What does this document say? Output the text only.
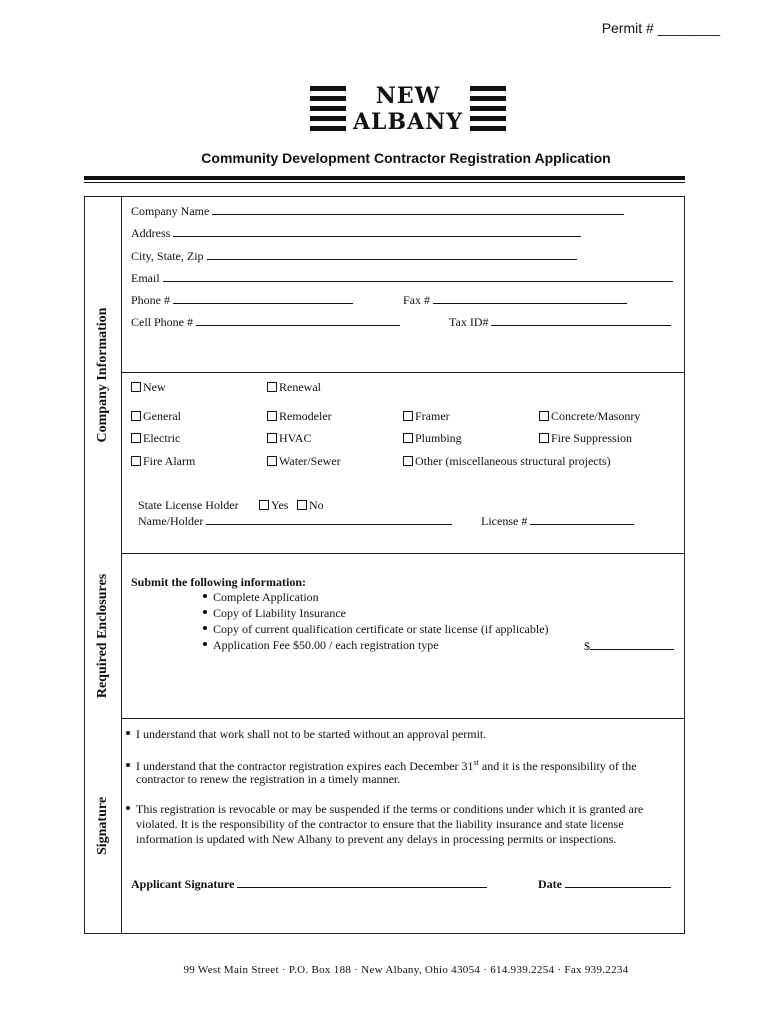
Permit # ________
NEW
ALBANY
Community Development Contractor Registration Application
Company Information
Required Enclosures
Signature
Company Name
Address
City, State, Zip
Email
Phone #	Fax #
Cell Phone #	Tax ID#
New	Renewal
General	Remodeler	Framer	Concrete/Masonry
Electric	HVAC	Plumbing	Fire Suppression
Fire Alarm	Water/Sewer	Other (miscellaneous structural projects)
State License Holder	Yes	No
Name/Holder	License #
Submit the following information:
Complete Application
Copy of Liability Insurance
Copy of current qualification certificate or state license (if applicable)
Application Fee $50.00 / each registration type	$
I understand that work shall not to be started without an approval permit.
I understand that the contractor registration expires each December 31st and it is the responsibility of the
contractor to renew the registration in a timely manner.
This registration is revocable or may be suspended if the terms or conditions under which it is granted are
violated. It is the responsibility of the contractor to ensure that the liability insurance and state license
information is updated with New Albany to prevent any delays in processing permits or inspections.
Applicant Signature	Date
99 West Main Street · P.O. Box 188 · New Albany, Ohio 43054 · 614.939.2254 · Fax 939.2234
